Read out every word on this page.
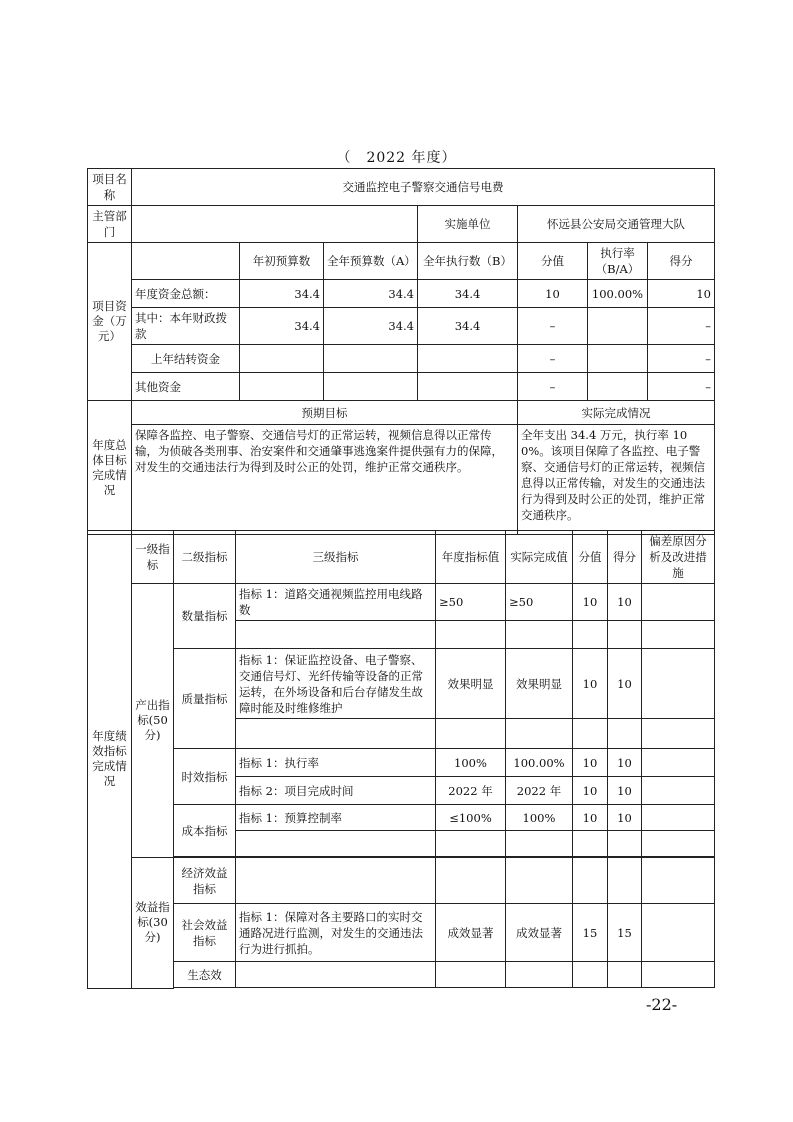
（　2022 年度）
项目名称	交通监控电子警察交通信号电费						
主管部门				实施单位	怀远县公安局交通管理大队		
项目资金（万元）		年初预算数	全年预算数（A）	全年执行数（B）	分值	执行率（B/A）	得分
	年度资金总额：	34.4	34.4	34.4	10	100.00%	10
	其中：本年财政拨款	34.4	34.4	34.4	–		–
	上年结转资金				–		–
	其他资金				–		–
年度总体目标完成情况	预期目标				实际完成情况		
	保障各监控、电子警察、交通信号灯的正常运转，视频信息得以正常传输，为侦破各类刑事、治安案件和交通肇事逃逸案件提供强有力的保障，对发生的交通违法行为得到及时公正的处罚，维护正常交通秩序。				全年支出 34.4 万元，执行率 100%。该项目保障了各监控、电子警察、交通信号灯的正常运转，视频信息得以正常传输，对发生的交通违法行为得到及时公正的处罚，维护正常交通秩序。		
年度绩效指标完成情况	一级指标	二级指标	三级指标	年度指标值	实际完成值	分值	得分	偏差原因分析及改进措施
	产出指标(50分)	数量指标	指标 1：道路交通视频监控用电线路数	≥50	≥50	10	10	

		质量指标	指标 1：保证监控设备、电子警察、交通信号灯、光纤传输等设备的正常运转，在外场设备和后台存储发生故障时能及时维修维护	效果明显	效果明显	10	10	

		时效指标	指标 1：执行率	100%	100.00%	10	10	
			指标 2：项目完成时间	2022 年	2022 年	10	10	
		成本指标	指标 1：预算控制率	≤100%	100%	10	10	

	效益指标(30分)	经济效益指标						
		社会效益指标	指标 1：保障对各主要路口的实时交通路况进行监测，对发生的交通违法行为进行抓拍。	成效显著	成效显著	15	15	
		生态效						

-22-
